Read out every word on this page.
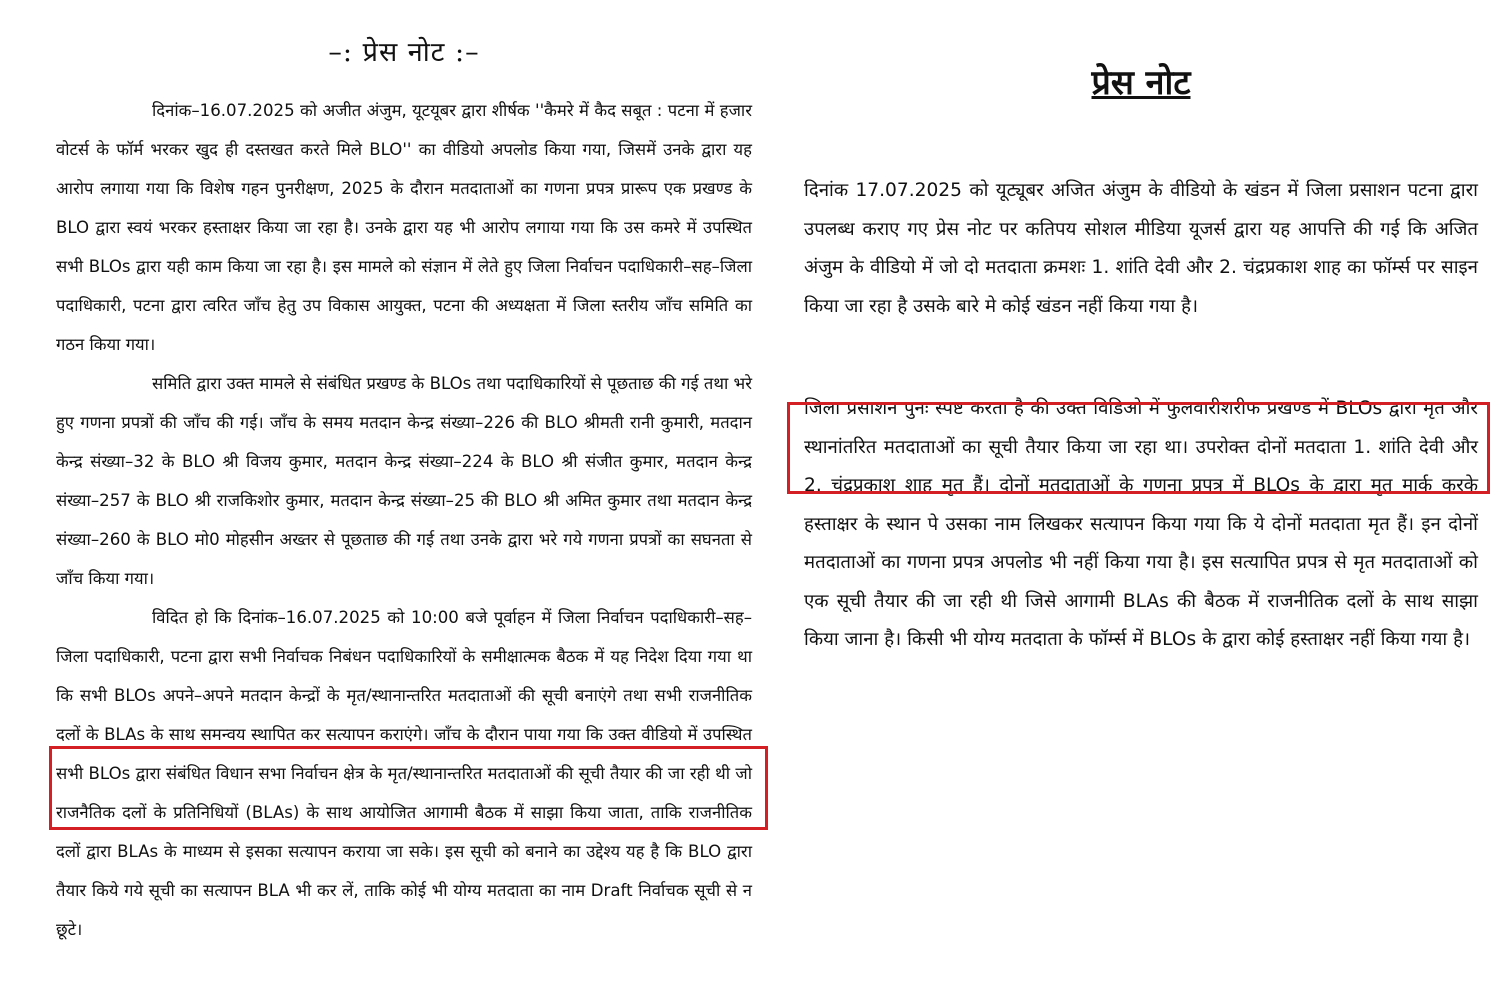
–: प्रेस नोट :–

दिनांक–16.07.2025 को अजीत अंजुम, यूटयूबर द्वारा शीर्षक ''कैमरे में कैद सबूत : पटना में हजार वोटर्स के फॉर्म भरकर खुद ही दस्तखत करते मिले BLO'' का वीडियो अपलोड किया गया, जिसमें उनके द्वारा यह आरोप लगाया गया कि विशेष गहन पुनरीक्षण, 2025 के दौरान मतदाताओं का गणना प्रपत्र प्रारूप एक प्रखण्ड के BLO द्वारा स्वयं भरकर हस्ताक्षर किया जा रहा है। उनके द्वारा यह भी आरोप लगाया गया कि उस कमरे में उपस्थित सभी BLOs द्वारा यही काम किया जा रहा है। इस मामले को संज्ञान में लेते हुए जिला निर्वाचन पदाधिकारी–सह–जिला पदाधिकारी, पटना द्वारा त्वरित जाँच हेतु उप विकास आयुक्त, पटना की अध्यक्षता में जिला स्तरीय जाँच समिति का गठन किया गया।

समिति द्वारा उक्त मामले से संबंधित प्रखण्ड के BLOs तथा पदाधिकारियों से पूछताछ की गई तथा भरे हुए गणना प्रपत्रों की जाँच की गई। जाँच के समय मतदान केन्द्र संख्या–226 की BLO श्रीमती रानी कुमारी, मतदान केन्द्र संख्या–32 के BLO श्री विजय कुमार, मतदान केन्द्र संख्या–224 के BLO श्री संजीत कुमार, मतदान केन्द्र संख्या–257 के BLO श्री राजकिशोर कुमार, मतदान केन्द्र संख्या–25 की BLO श्री अमित कुमार तथा मतदान केन्द्र संख्या–260 के BLO मो0 मोहसीन अख्तर से पूछताछ की गई तथा उनके द्वारा भरे गये गणना प्रपत्रों का सघनता से जाँच किया गया।

विदित हो कि दिनांक–16.07.2025 को 10:00 बजे पूर्वाहन में जिला निर्वाचन पदाधिकारी–सह–जिला पदाधिकारी, पटना द्वारा सभी निर्वाचक निबंधन पदाधिकारियों के समीक्षात्मक बैठक में यह निदेश दिया गया था कि सभी BLOs अपने–अपने मतदान केन्द्रों के मृत/स्थानान्तरित मतदाताओं की सूची बनाएंगे तथा सभी राजनीतिक दलों के BLAs के साथ समन्वय स्थापित कर सत्यापन कराएंगे। जाँच के दौरान पाया गया कि उक्त वीडियो में उपस्थित सभी BLOs द्वारा संबंधित विधान सभा निर्वाचन क्षेत्र के मृत/स्थानान्तरित मतदाताओं की सूची तैयार की जा रही थी जो राजनैतिक दलों के प्रतिनिधियों (BLAs) के साथ आयोजित आगामी बैठक में साझा किया जाता, ताकि राजनीतिक दलों द्वारा BLAs के माध्यम से इसका सत्यापन कराया जा सके। इस सूची को बनाने का उद्देश्य यह है कि BLO द्वारा तैयार किये गये सूची का सत्यापन BLA भी कर लें, ताकि कोई भी योग्य मतदाता का नाम Draft निर्वाचक सूची से न छूटे।

प्रेस नोट

दिनांक 17.07.2025 को यूट्यूबर अजित अंजुम के वीडियो के खंडन में जिला प्रसाशन पटना द्वारा उपलब्ध कराए गए प्रेस नोट पर कतिपय सोशल मीडिया यूजर्स द्वारा यह आपत्ति की गई कि अजित अंजुम के वीडियो में जो दो मतदाता क्रमशः 1. शांति देवी और 2. चंद्रप्रकाश शाह का फॉर्म्स पर साइन किया जा रहा है उसके बारे मे कोई खंडन नहीं किया गया है।

जिला प्रसाशन पुनः स्पष्ट करता है की उक्त विडिओ में फुलवारीशरीफ प्रखण्ड में BLOs द्वारा मृत और स्थानांतरित मतदाताओं का सूची तैयार किया जा रहा था। उपरोक्त दोनों मतदाता 1. शांति देवी और 2. चंद्रप्रकाश शाह मृत हैं। दोनों मतदाताओं के गणना प्रपत्र में BLOs के द्वारा मृत मार्क करके हस्ताक्षर के स्थान पे उसका नाम लिखकर सत्यापन किया गया कि ये दोनों मतदाता मृत हैं। इन दोनों मतदाताओं का गणना प्रपत्र अपलोड भी नहीं किया गया है। इस सत्यापित प्रपत्र से मृत मतदाताओं को एक सूची तैयार की जा रही थी जिसे आगामी BLAs की बैठक में राजनीतिक दलों के साथ साझा किया जाना है। किसी भी योग्य मतदाता के फॉर्म्स में BLOs के द्वारा कोई हस्ताक्षर नहीं किया गया है।
